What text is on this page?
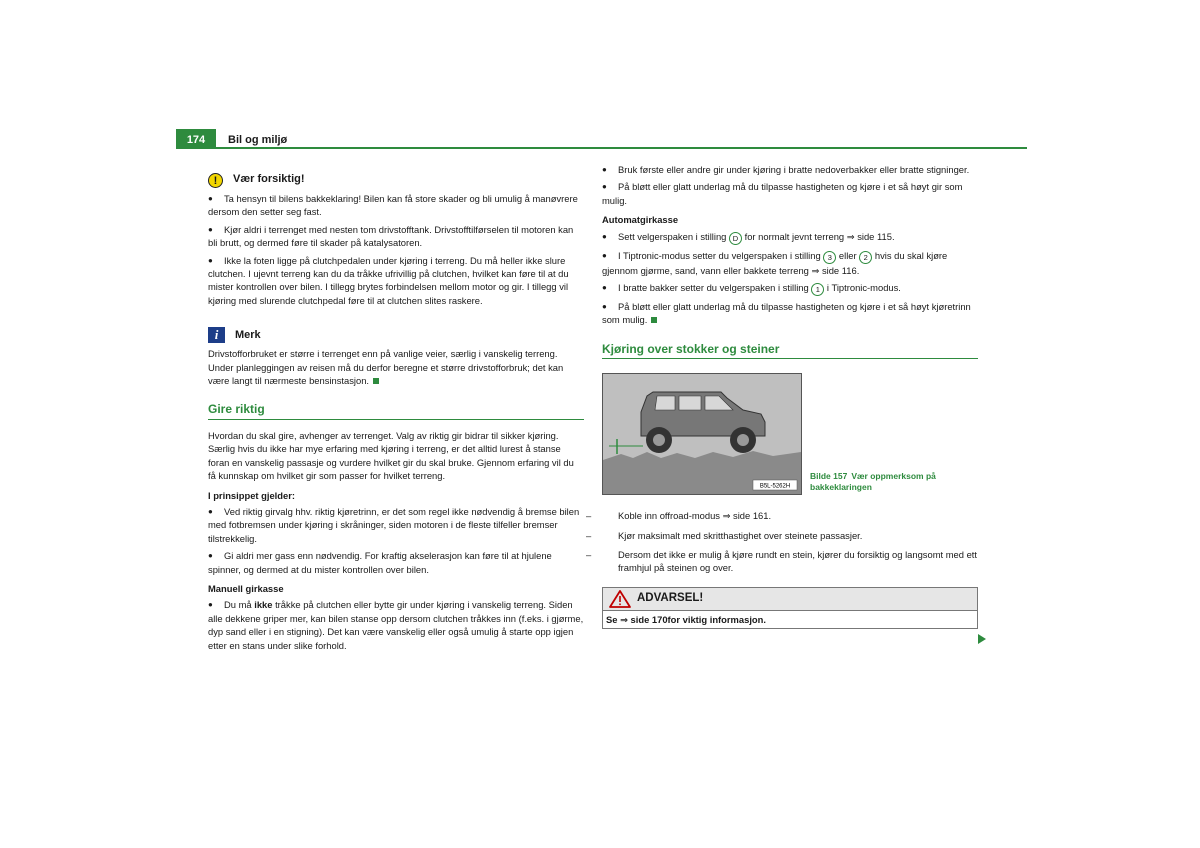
174	Bil og miljø
!	Vær forsiktig!
● Ta hensyn til bilens bakkeklaring! Bilen kan få store skader og bli umulig å manøvrere dersom den setter seg fast.
● Kjør aldri i terrenget med nesten tom drivstofftank. Drivstofftilførselen til motoren kan bli brutt, og dermed føre til skader på katalysatoren.
● Ikke la foten ligge på clutchpedalen under kjøring i terreng. Du må heller ikke slure clutchen. I ujevnt terreng kan du da tråkke ufrivillig på clutchen, hvilket kan føre til at du mister kontrollen over bilen. I tillegg brytes forbindelsen mellom motor og gir. I tillegg vil kjøring med slurende clutchpedal føre til at clutchen slites raskere.
i	Merk

Drivstofforbruket er større i terrenget enn på vanlige veier, særlig i vanskelig terreng. Under planleggingen av reisen må du derfor beregne et større drivstofforbruk; det kan være langt til nærmeste bensinstasjon.

Gire riktig

Hvordan du skal gire, avhenger av terrenget. Valg av riktig gir bidrar til sikker kjøring. Særlig hvis du ikke har mye erfaring med kjøring i terreng, er det alltid lurest å stanse foran en vanskelig passasje og vurdere hvilket gir du skal bruke. Gjennom erfaring vil du få kunnskap om hvilket gir som passer for hvilket terreng.

I prinsippet gjelder:
● Ved riktig girvalg hhv. riktig kjøretrinn, er det som regel ikke nødvendig å bremse bilen med fotbremsen under kjøring i skråninger, siden motoren i de fleste tilfeller bremser tilstrekkelig.
● Gi aldri mer gass enn nødvendig. For kraftig akselerasjon kan føre til at hjulene spinner, og dermed at du mister kontrollen over bilen.
Manuell girkasse
● Du må ikke tråkke på clutchen eller bytte gir under kjøring i vanskelig terreng. Siden alle dekkene griper mer, kan bilen stanse opp dersom clutchen tråkkes inn (f.eks. i gjørme, dyp sand eller i en stigning). Det kan være vanskelig eller også umulig å starte opp igjen etter en stans under slike forhold.
● Bruk første eller andre gir under kjøring i bratte nedoverbakker eller bratte stigninger.
● På bløtt eller glatt underlag må du tilpasse hastigheten og kjøre i et så høyt gir som mulig.
Automatgirkasse
● Sett velgerspaken i stilling D for normalt jevnt terreng ⇒ side 115.
● I Tiptronic-modus setter du velgerspaken i stilling 3 eller 2 hvis du skal kjøre gjennom gjørme, sand, vann eller bakkete terreng ⇒ side 116.
● I bratte bakker setter du velgerspaken i stilling 1 i Tiptronic-modus.
● På bløtt eller glatt underlag må du tilpasse hastigheten og kjøre i et så høyt kjøretrinn som mulig.
Kjøring over stokker og steiner
B5L-5262H
Bilde 157 Vær oppmerksom på bakkeklaringen
–	Koble inn offroad-modus ⇒ side 161.
–	Kjør maksimalt med skritthastighet over steinete passasjer.
–	Dersom det ikke er mulig å kjøre rundt en stein, kjører du forsiktig og langsomt med ett framhjul på steinen og over.
ADVARSEL!
Se ⇒ side 170for viktig informasjon.
